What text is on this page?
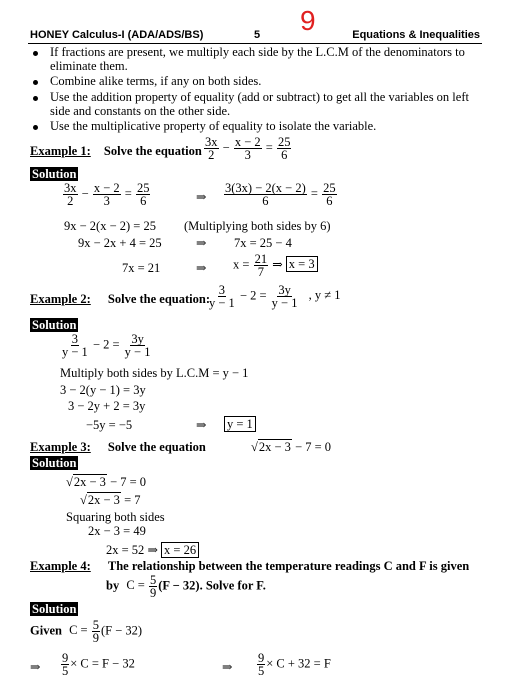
HONEY Calculus-I (ADA/ADS/BS)	5 9	Equations & Inequalities
If fractions are present, we multiply each side by the L.C.M of the denominators to
eliminate them.
Combine alike terms, if any on both sides.
Use the addition property of equality (add or subtract) to get all the variables on left
side and constants on the other side.
Use the multiplicative property of equality to isolate the variable.
Example 1: Solve the equation $\frac{3x}{2} - \frac{x - 2}{3} = \frac{25}{6}$
Solution
$\frac{3x}{2} - \frac{x - 2}{3} = \frac{25}{6}$	⇒ $\frac{3(3x) - 2(x - 2)}{6} = \frac{25}{6}$
9x − 2(x − 2) = 25 (Multiplying both sides by 6)
9x − 2x + 4 = 25	⇒ 7x = 25 − 4
7x = 21	⇒ $x = \frac{21}{7}$ ⇒ x = 3
Example 2: Solve the equation:
$\frac{3}{y - 1} - 2 = \frac{3y}{y - 1}$ , y ≠ 1
Solution
$\frac{3}{y - 1} - 2 = \frac{3y}{y - 1}$
Multiply both sides by L.C.M = y − 1
3 − 2(y − 1) = 3y
3 − 2y + 2 = 3y
−5y = −5	⇒ y = 1
Example 3: Solve the equation	√2x − 3 − 7 = 0
Solution
√2x − 3 − 7 = 0
√2x − 3 = 7
Squaring both sides
2x − 3 = 49
2x = 52 ⇒ x = 26
Example 4: The relationship between the temperature readings C and F is given
by $C = \frac{5}{9} (F - 32)$. Solve for F.
Solution
Given $C = \frac{5}{9} (F - 32)$
⇒ $\frac{9}{5} \times C = F - 32$	⇒ $\frac{9}{5} \times C + 32 = F$
